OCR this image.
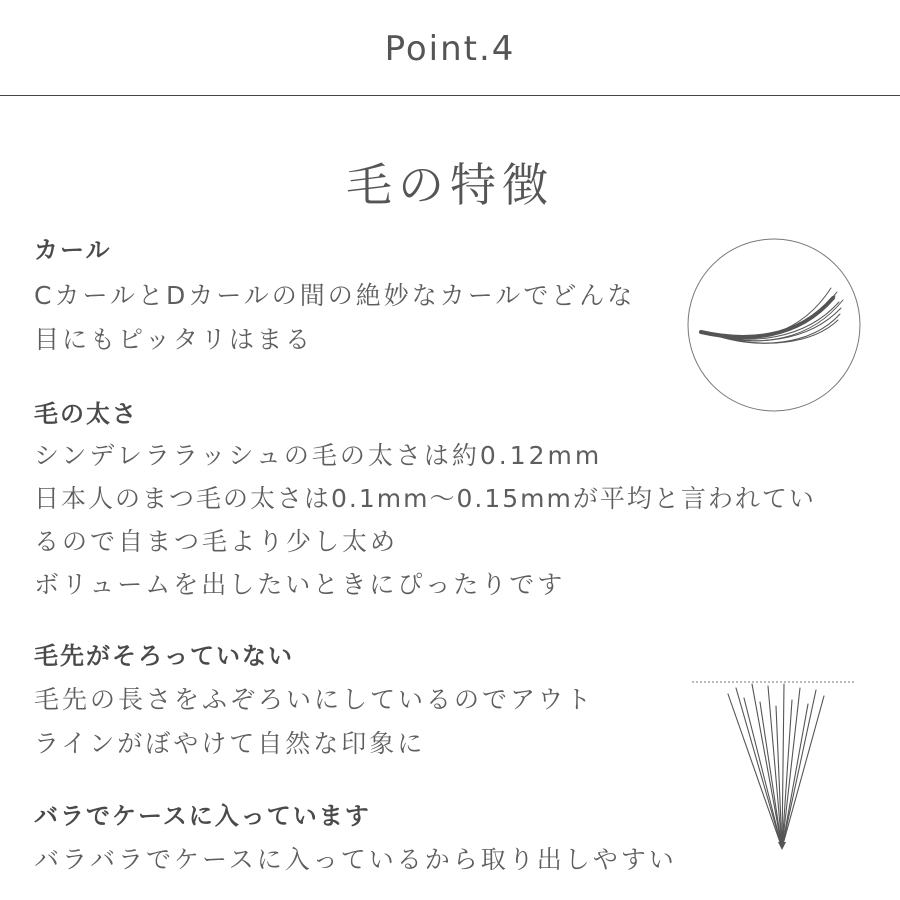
Point.4
毛の特徴
カール

CカールとDカールの間の絶妙なカールでどんな

目にもピッタリはまる

毛の太さ

シンデレララッシュの毛の太さは約0.12mm

日本人のまつ毛の太さは0.1mm〜0.15mmが平均と言われてい

るので自まつ毛より少し太め

ボリュームを出したいときにぴったりです

毛先がそろっていない

毛先の長さをふぞろいにしているのでアウト

ラインがぼやけて自然な印象に

バラでケースに入っています

バラバラでケースに入っているから取り出しやすい
